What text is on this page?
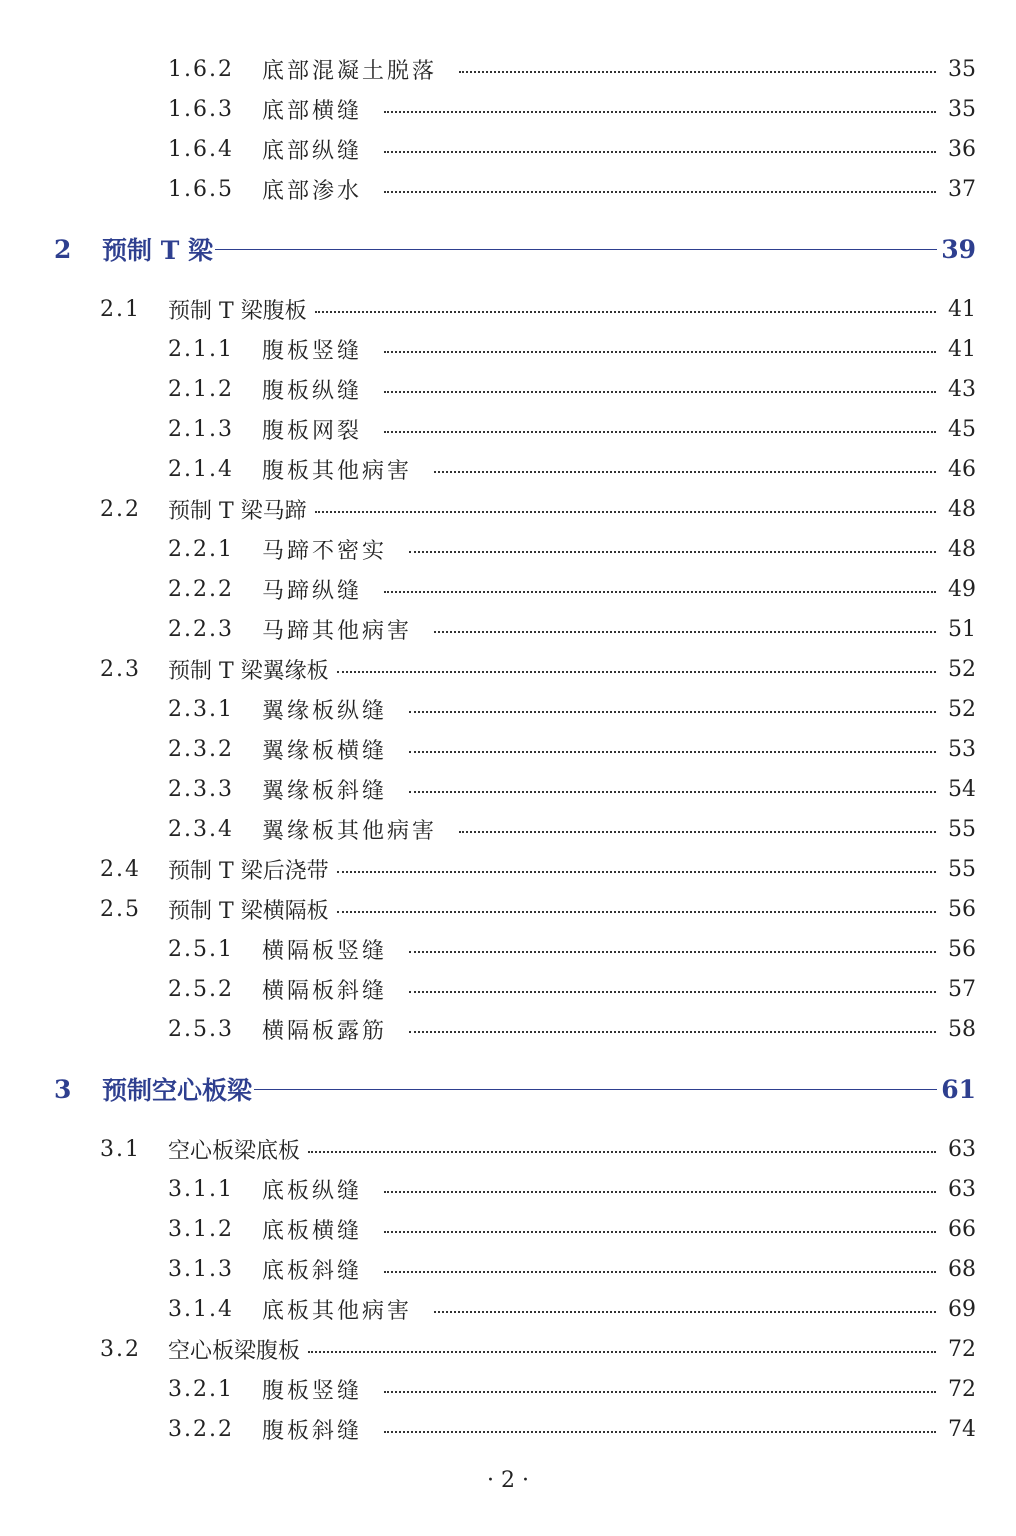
1.6.2	底部混凝土脱落	35
1.6.3	底部横缝	35
1.6.4	底部纵缝	36
1.6.5	底部渗水	37
2	预制 T 梁	39
2.1	预制 T 梁腹板	41
2.1.1	腹板竖缝	41
2.1.2	腹板纵缝	43
2.1.3	腹板网裂	45
2.1.4	腹板其他病害	46
2.2	预制 T 梁马蹄	48
2.2.1	马蹄不密实	48
2.2.2	马蹄纵缝	49
2.2.3	马蹄其他病害	51
2.3	预制 T 梁翼缘板	52
2.3.1	翼缘板纵缝	52
2.3.2	翼缘板横缝	53
2.3.3	翼缘板斜缝	54
2.3.4	翼缘板其他病害	55
2.4	预制 T 梁后浇带	55
2.5	预制 T 梁横隔板	56
2.5.1	横隔板竖缝	56
2.5.2	横隔板斜缝	57
2.5.3	横隔板露筋	58
3	预制空心板梁	61
3.1	空心板梁底板	63
3.1.1	底板纵缝	63
3.1.2	底板横缝	66
3.1.3	底板斜缝	68
3.1.4	底板其他病害	69
3.2	空心板梁腹板	72
3.2.1	腹板竖缝	72
3.2.2	腹板斜缝	74
· 2 ·
